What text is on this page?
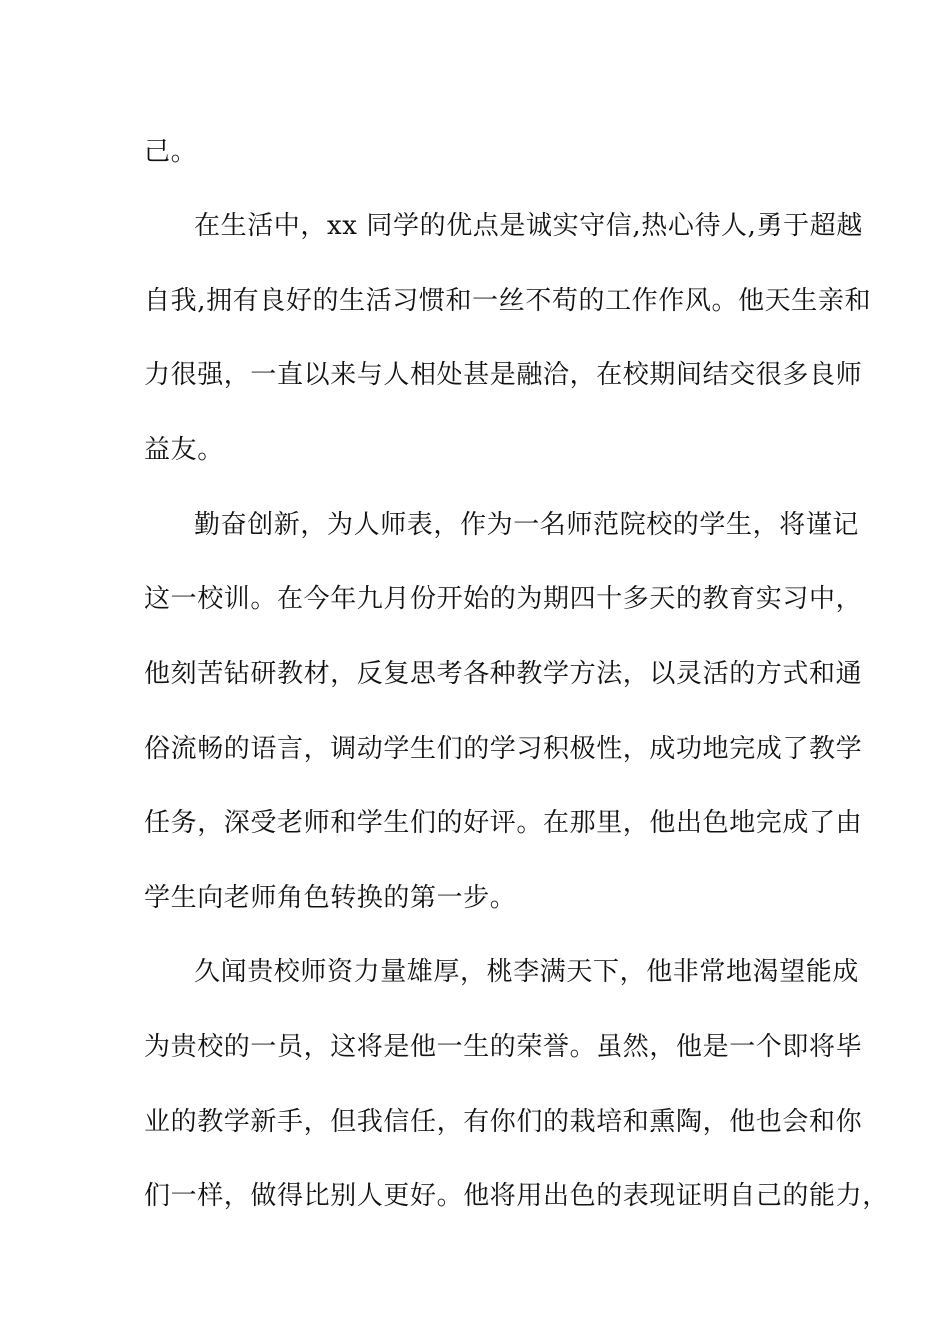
己。
在生活中，xx 同学的优点是诚实守信,热心待人,勇于超越
自我,拥有良好的生活习惯和一丝不苟的工作作风。他天生亲和
力很强，一直以来与人相处甚是融洽，在校期间结交很多良师
益友。
勤奋创新，为人师表，作为一名师范院校的学生，将谨记
这一校训。在今年九月份开始的为期四十多天的教育实习中，
他刻苦钻研教材，反复思考各种教学方法，以灵活的方式和通
俗流畅的语言，调动学生们的学习积极性，成功地完成了教学
任务，深受老师和学生们的好评。在那里，他出色地完成了由
学生向老师角色转换的第一步。
久闻贵校师资力量雄厚，桃李满天下，他非常地渴望能成
为贵校的一员，这将是他一生的荣誉。虽然，他是一个即将毕
业的教学新手，但我信任，有你们的栽培和熏陶，他也会和你
们一样，做得比别人更好。他将用出色的表现证明自己的能力，
